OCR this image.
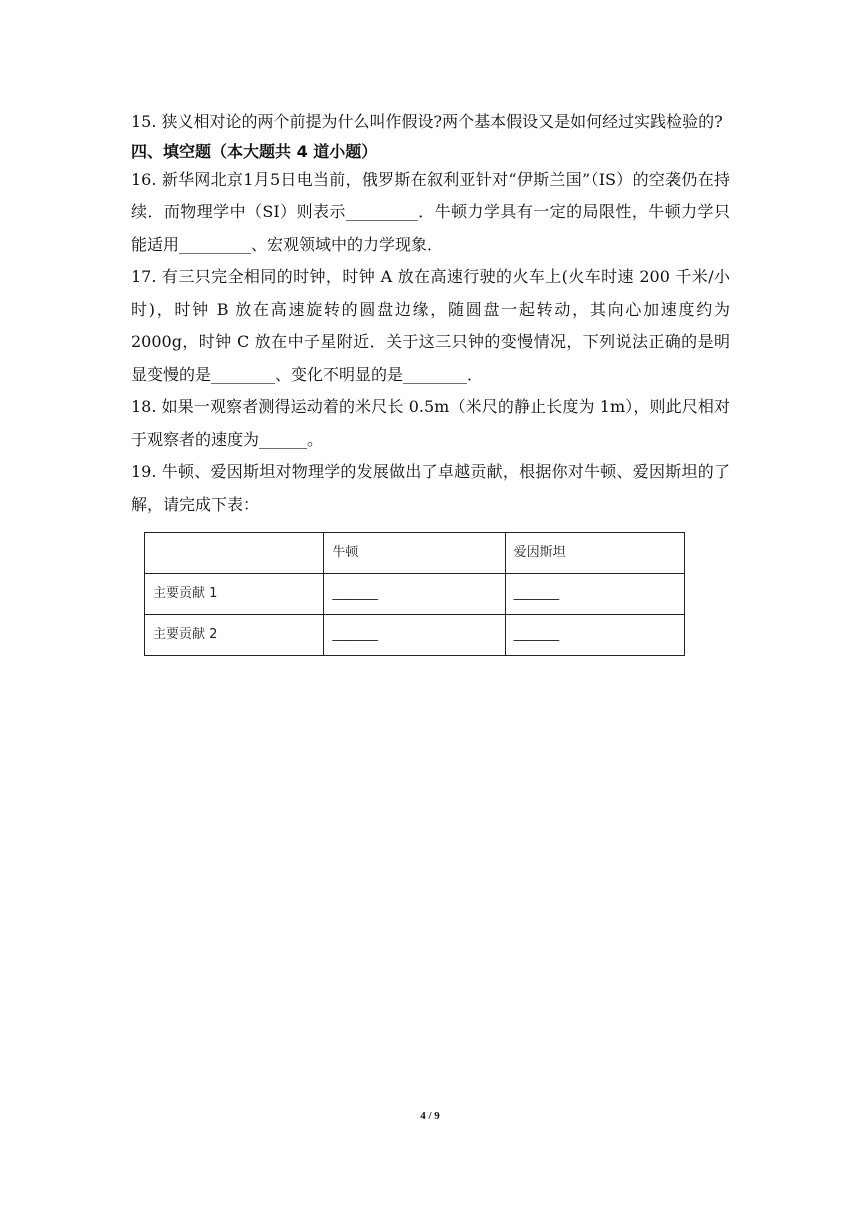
15. 狭义相对论的两个前提为什么叫作假设?两个基本假设又是如何经过实践检验的?

四、填空题（本大题共 4 道小题）

16. 新华网北京1月5日电当前，俄罗斯在叙利亚针对“伊斯兰国”（IS）的空袭仍在持续．而物理学中（SI）则表示_________．牛顿力学具有一定的局限性，牛顿力学只能适用_________、宏观领域中的力学现象．

17. 有三只完全相同的时钟，时钟 A 放在高速行驶的火车上(火车时速 200 千米/小时)，时钟 B 放在高速旋转的圆盘边缘，随圆盘一起转动，其向心加速度约为 2000g，时钟 C 放在中子星附近．关于这三只钟的变慢情况，下列说法正确的是明显变慢的是________、变化不明显的是________．

18. 如果一观察者测得运动着的米尺长 0.5m（米尺的静止长度为 1m），则此尺相对于观察者的速度为______。

19. 牛顿、爱因斯坦对物理学的发展做出了卓越贡献，根据你对牛顿、爱因斯坦的了解，请完成下表：

	牛顿	爱因斯坦
主要贡献 1	_______	_______
主要贡献 2	_______	_______
4 / 9
